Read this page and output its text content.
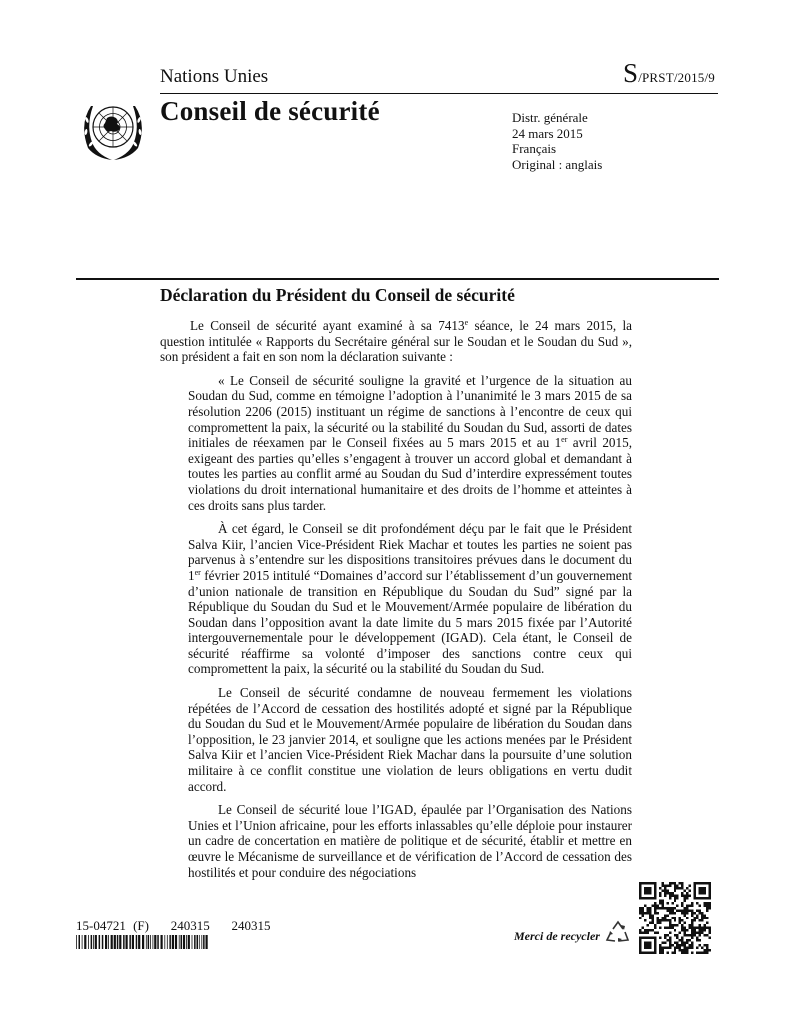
Nations Unies	S/PRST/2015/9
Conseil de sécurité	Distr. générale
24 mars 2015
Français
Original : anglais
Déclaration du Président du Conseil de sécurité

Le Conseil de sécurité ayant examiné à sa 7413e séance, le 24 mars 2015, la question intitulée « Rapports du Secrétaire général sur le Soudan et le Soudan du Sud », son président a fait en son nom la déclaration suivante :

« Le Conseil de sécurité souligne la gravité et l’urgence de la situation au Soudan du Sud, comme en témoigne l’adoption à l’unanimité le 3 mars 2015 de sa résolution 2206 (2015) instituant un régime de sanctions à l’encontre de ceux qui compromettent la paix, la sécurité ou la stabilité du Soudan du Sud, assorti de dates initiales de réexamen par le Conseil fixées au 5 mars 2015 et au 1er avril 2015, exigeant des parties qu’elles s’engagent à trouver un accord global et demandant à toutes les parties au conflit armé au Soudan du Sud d’interdire expressément toutes violations du droit international humanitaire et des droits de l’homme et atteintes à ces droits sans plus tarder.

À cet égard, le Conseil se dit profondément déçu par le fait que le Président Salva Kiir, l’ancien Vice-Président Riek Machar et toutes les parties ne soient pas parvenus à s’entendre sur les dispositions transitoires prévues dans le document du 1er février 2015 intitulé “Domaines d’accord sur l’établissement d’un gouvernement d’union nationale de transition en République du Soudan du Sud” signé par la République du Soudan du Sud et le Mouvement/Armée populaire de libération du Soudan dans l’opposition avant la date limite du 5 mars 2015 fixée par l’Autorité intergouvernementale pour le développement (IGAD). Cela étant, le Conseil de sécurité réaffirme sa volonté d’imposer des sanctions contre ceux qui compromettent la paix, la sécurité ou la stabilité du Soudan du Sud.

Le Conseil de sécurité condamne de nouveau fermement les violations répétées de l’Accord de cessation des hostilités adopté et signé par la République du Soudan du Sud et le Mouvement/Armée populaire de libération du Soudan dans l’opposition, le 23 janvier 2014, et souligne que les actions menées par le Président Salva Kiir et l’ancien Vice-Président Riek Machar dans la poursuite d’une solution militaire à ce conflit constitue une violation de leurs obligations en vertu dudit accord.

Le Conseil de sécurité loue l’IGAD, épaulée par l’Organisation des Nations Unies et l’Union africaine, pour les efforts inlassables qu’elle déploie pour instaurer un cadre de concertation en matière de politique et de sécurité, établir et mettre en œuvre le Mécanisme de surveillance et de vérification de l’Accord de cessation des hostilités et pour conduire des négociations

15-04721 (F) 240315 240315
Merci de recycler
